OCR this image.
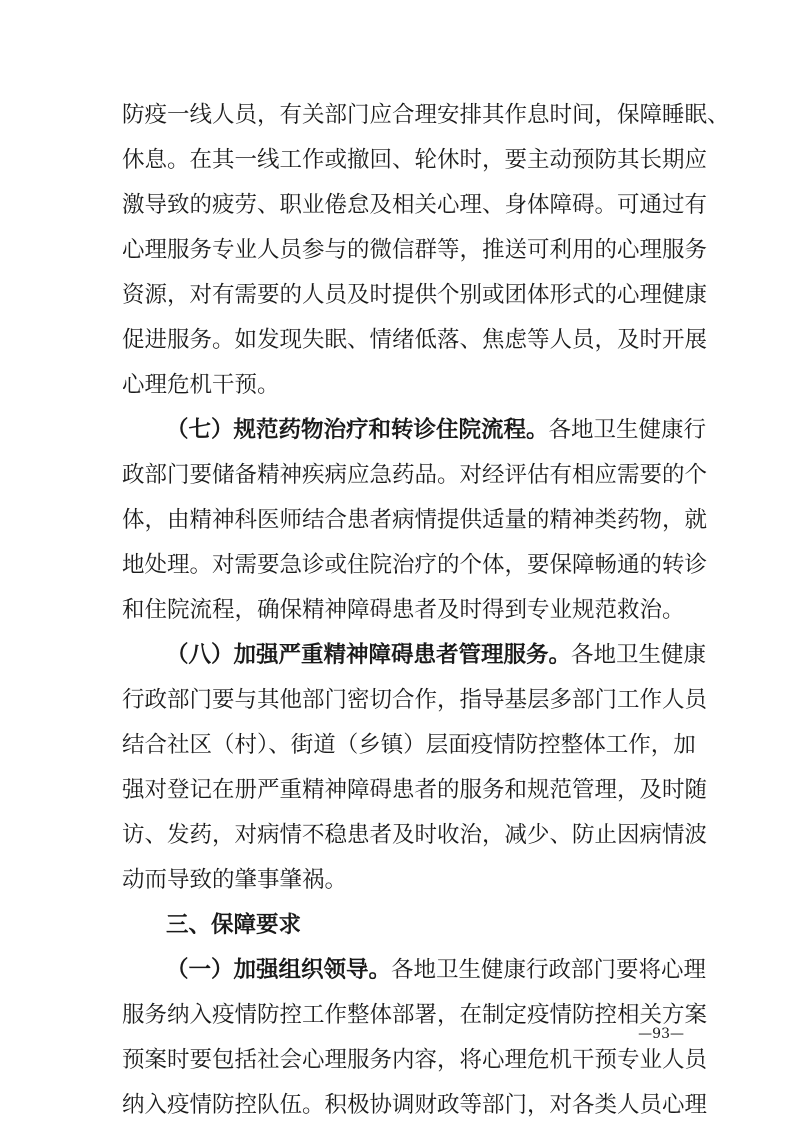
防疫一线人员，有关部门应合理安排其作息时间，保障睡眠、
休息。在其一线工作或撤回、轮休时，要主动预防其长期应
激导致的疲劳、职业倦怠及相关心理、身体障碍。可通过有
心理服务专业人员参与的微信群等，推送可利用的心理服务
资源，对有需要的人员及时提供个别或团体形式的心理健康
促进服务。如发现失眠、情绪低落、焦虑等人员，及时开展
心理危机干预。
（七）规范药物治疗和转诊住院流程。各地卫生健康行
政部门要储备精神疾病应急药品。对经评估有相应需要的个
体，由精神科医师结合患者病情提供适量的精神类药物，就
地处理。对需要急诊或住院治疗的个体，要保障畅通的转诊
和住院流程，确保精神障碍患者及时得到专业规范救治。
（八）加强严重精神障碍患者管理服务。各地卫生健康
行政部门要与其他部门密切合作，指导基层多部门工作人员
结合社区（村）、街道（乡镇）层面疫情防控整体工作，加
强对登记在册严重精神障碍患者的服务和规范管理，及时随
访、发药，对病情不稳患者及时收治，减少、防止因病情波
动而导致的肇事肇祸。
三、保障要求
（一）加强组织领导。各地卫生健康行政部门要将心理
服务纳入疫情防控工作整体部署，在制定疫情防控相关方案
预案时要包括社会心理服务内容，将心理危机干预专业人员
纳入疫情防控队伍。积极协调财政等部门，对各类人员心理
—93—
